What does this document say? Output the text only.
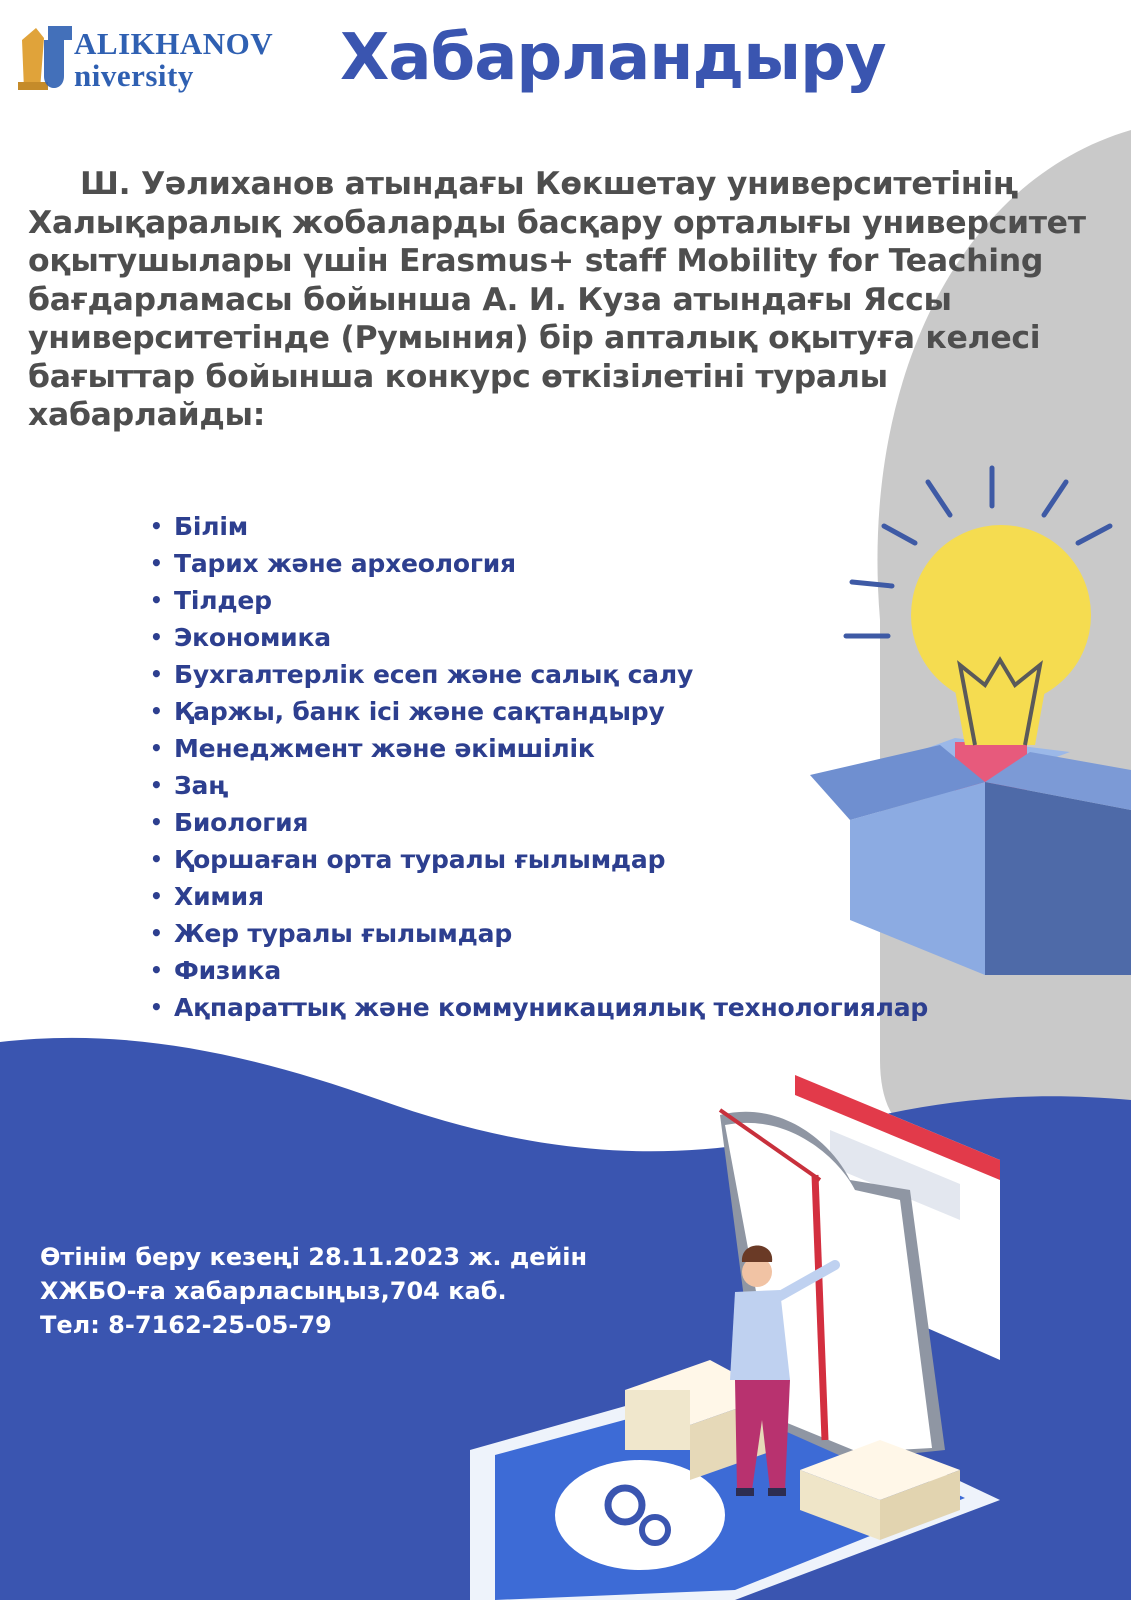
ALIKHANOV
niversity Хабарландыру

Ш. Уәлиханов атындағы Көкшетау университетінің Халықаралық жобаларды басқару орталығы университет оқытушылары үшін Erasmus+ staff Mobility for Teaching бағдарламасы бойынша А. И. Куза атындағы Яссы университетінде (Румыния) бір апталық оқытуға келесі бағыттар бойынша конкурс өткізілетіні туралы хабарлайды:

• Білім
• Тарих және археология
• Тілдер
• Экономика
• Бухгалтерлік есеп және салық салу
• Қаржы, банк ісі және сақтандыру
• Менеджмент және әкімшілік
• Заң
• Биология
• Қоршаған орта туралы ғылымдар
• Химия
• Жер туралы ғылымдар
• Физика
• Ақпараттық және коммуникациялық технологиялар
Өтінім беру кезеңі 28.11.2023 ж. дейін
ХЖБО-ға хабарласыңыз,704 каб.
Тел: 8-7162-25-05-79
